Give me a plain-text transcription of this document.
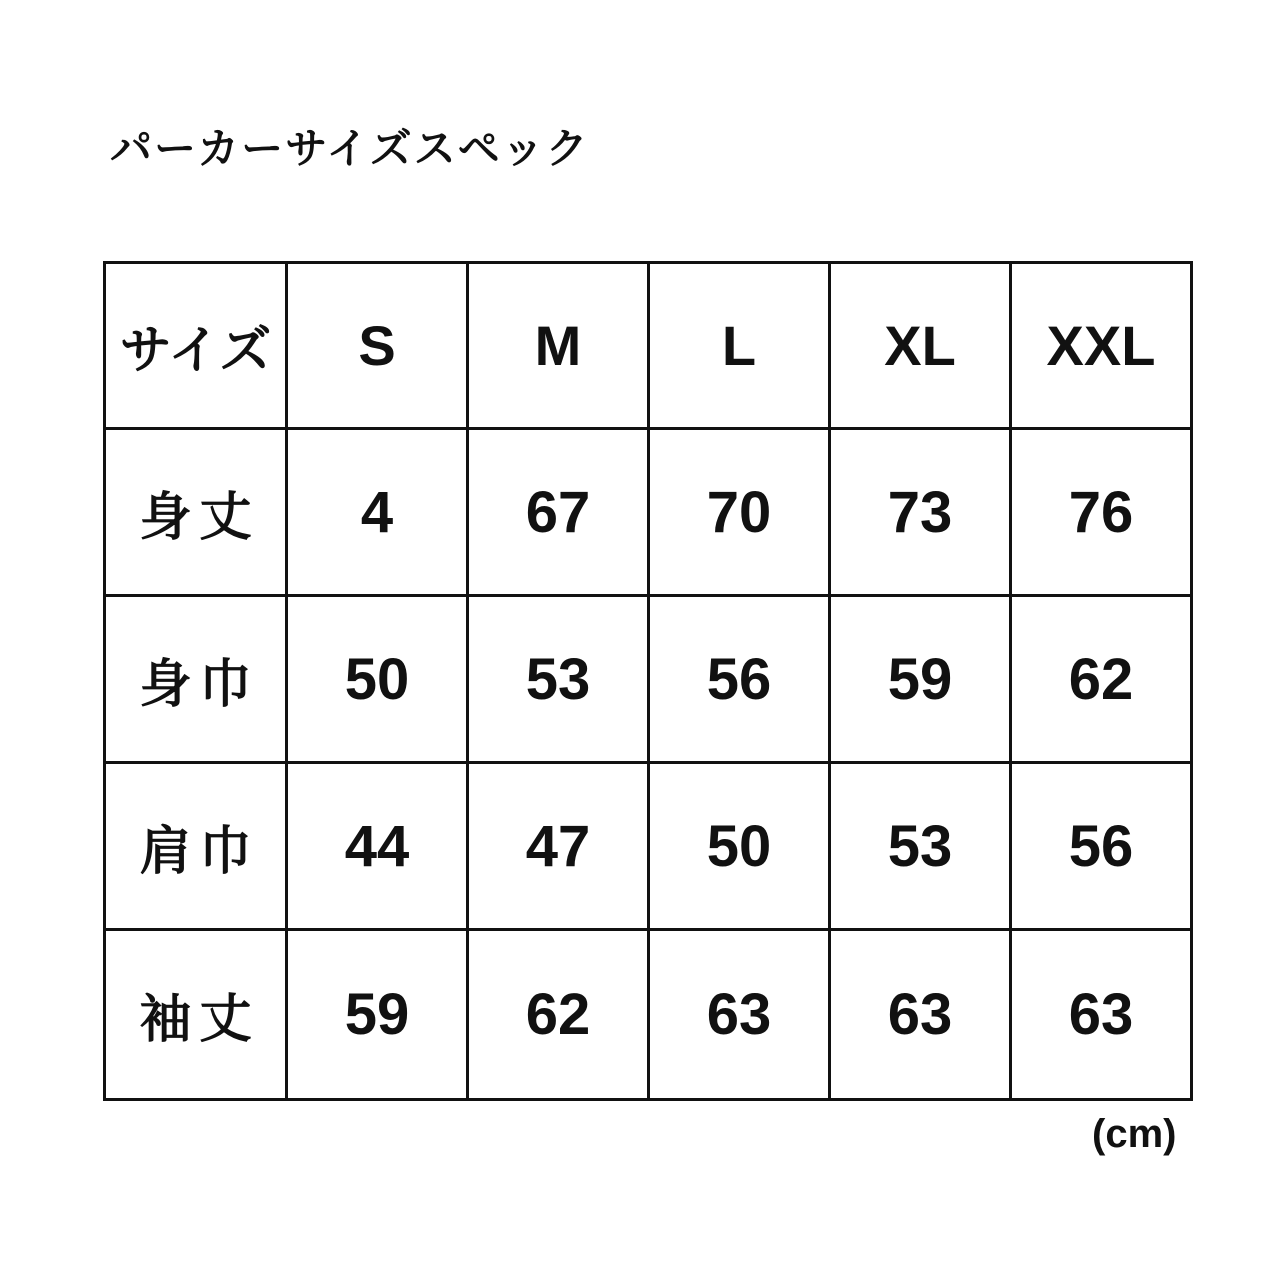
パーカーサイズスペック
サイズ	S	M	L	XL	XXL
身丈	4	67	70	73	76
身巾	50	53	56	59	62
肩巾	44	47	50	53	56
袖丈	59	62	63	63	63
(cm)
